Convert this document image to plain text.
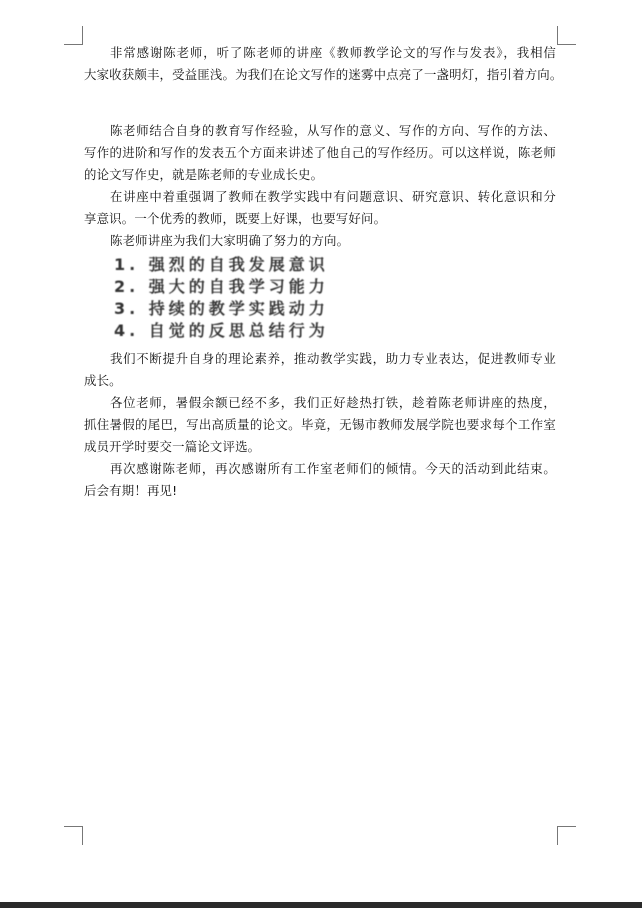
非常感谢陈老师，听了陈老师的讲座《教师教学论文的写作与发表》，我相信
大家收获颇丰，受益匪浅。为我们在论文写作的迷雾中点亮了一盏明灯，指引着方向。
陈老师结合自身的教育写作经验，从写作的意义、写作的方向、写作的方法、
写作的进阶和写作的发表五个方面来讲述了他自己的写作经历。可以这样说，陈老师
的论文写作史，就是陈老师的专业成长史。
在讲座中着重强调了教师在教学实践中有问题意识、研究意识、转化意识和分
享意识。一个优秀的教师，既要上好课，也要写好问。
陈老师讲座为我们大家明确了努力的方向。
1. 强烈的自我发展意识
2. 强大的自我学习能力
3. 持续的教学实践动力
4. 自觉的反思总结行为
我们不断提升自身的理论素养，推动教学实践，助力专业表达，促进教师专业
成长。
各位老师，暑假余额已经不多，我们正好趁热打铁，趁着陈老师讲座的热度，
抓住暑假的尾巴，写出高质量的论文。毕竟，无锡市教师发展学院也要求每个工作室
成员开学时要交一篇论文评选。
再次感谢陈老师，再次感谢所有工作室老师们的倾情。今天的活动到此结束。
后会有期！再见!
